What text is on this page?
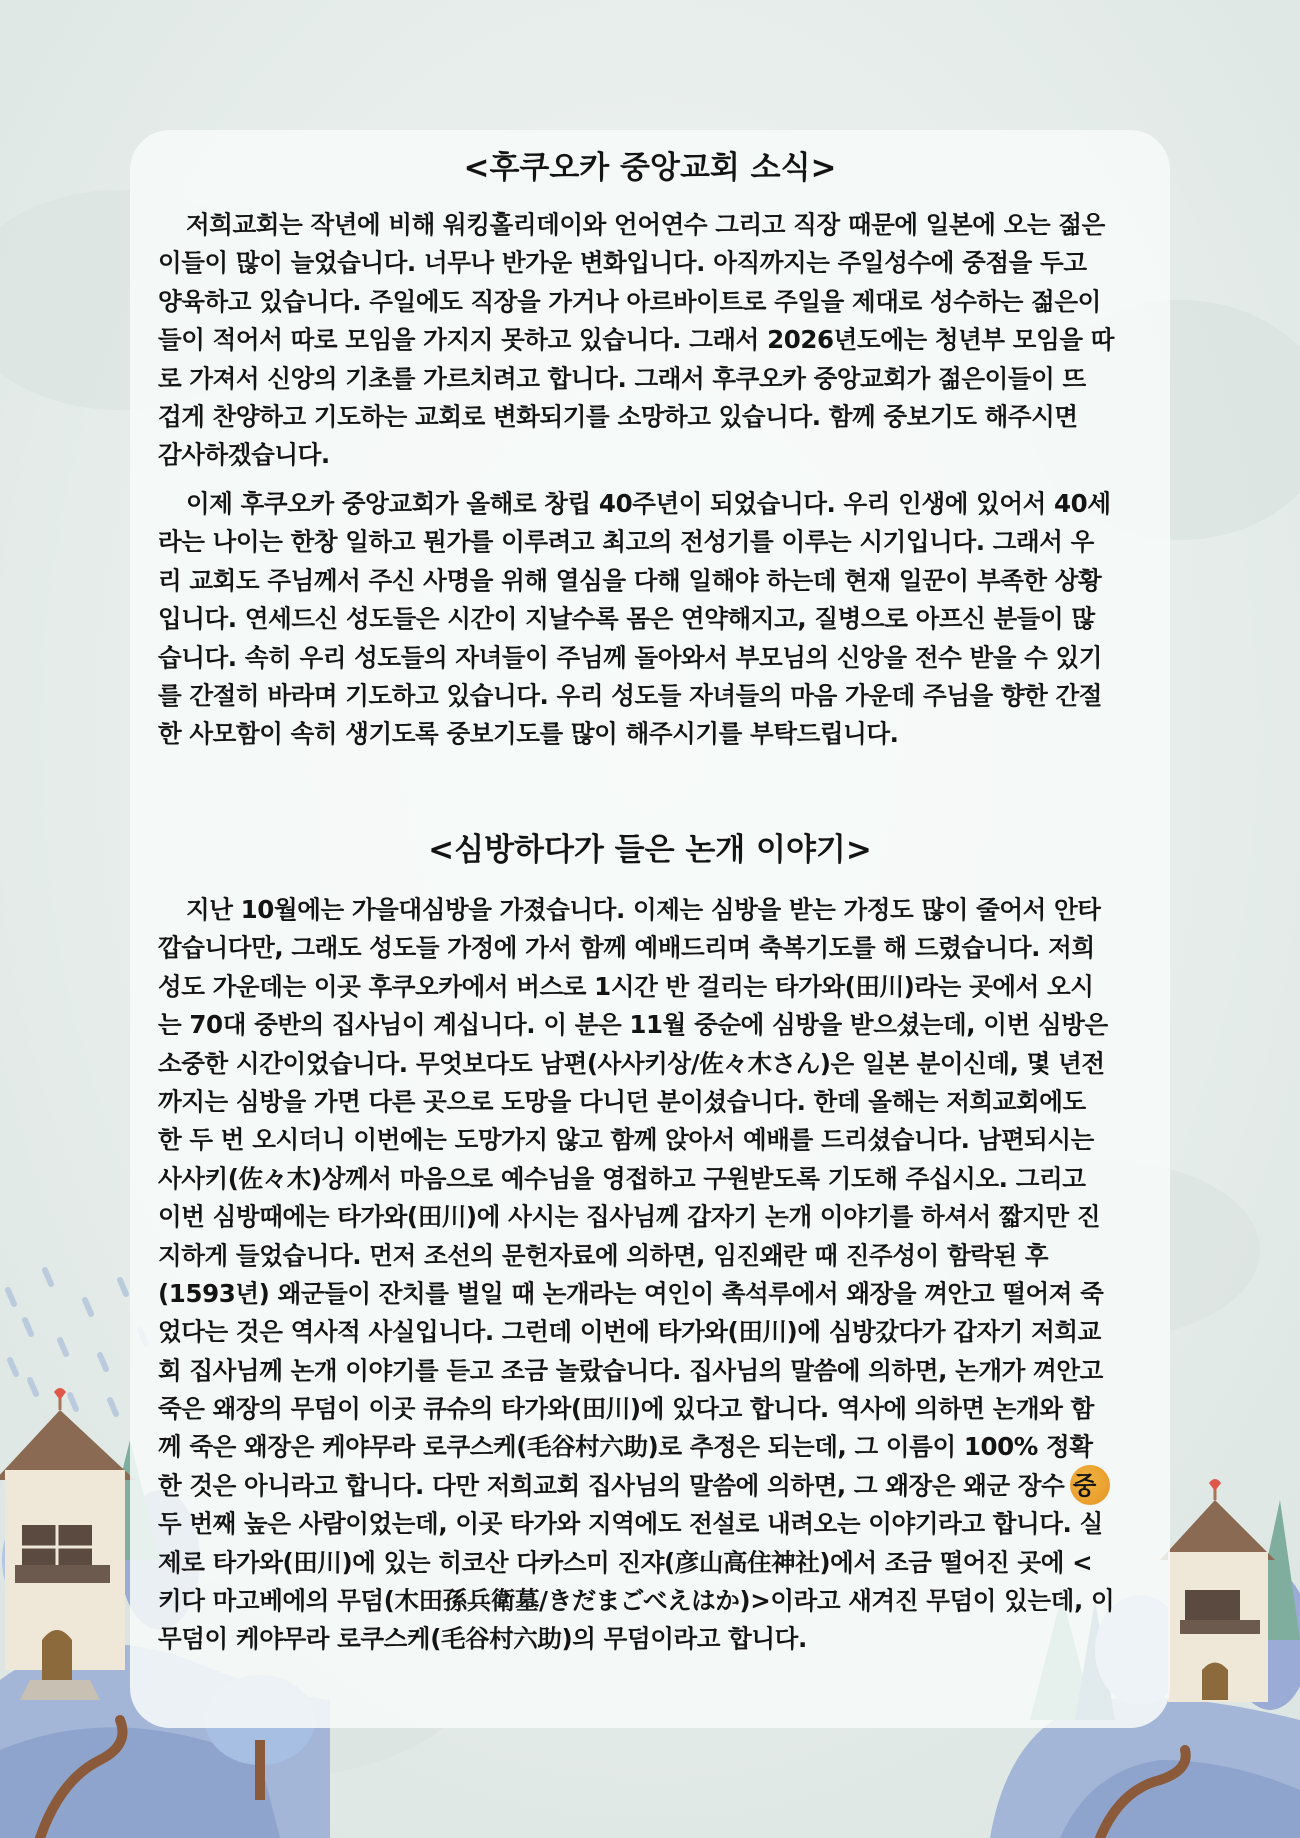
<후쿠오카 중앙교회 소식>
저희교회는 작년에 비해 워킹홀리데이와 언어연수 그리고 직장 때문에 일본에 오는 젊은
이들이 많이 늘었습니다. 너무나 반가운 변화입니다. 아직까지는 주일성수에 중점을 두고
양육하고 있습니다. 주일에도 직장을 가거나 아르바이트로 주일을 제대로 성수하는 젊은이
들이 적어서 따로 모임을 가지지 못하고 있습니다. 그래서 2026년도에는 청년부 모임을 따
로 가져서 신앙의 기초를 가르치려고 합니다. 그래서 후쿠오카 중앙교회가 젊은이들이 뜨
겁게 찬양하고 기도하는 교회로 변화되기를 소망하고 있습니다. 함께 중보기도 해주시면
감사하겠습니다.
이제 후쿠오카 중앙교회가 올해로 창립 40주년이 되었습니다. 우리 인생에 있어서 40세
라는 나이는 한창 일하고 뭔가를 이루려고 최고의 전성기를 이루는 시기입니다. 그래서 우
리 교회도 주님께서 주신 사명을 위해 열심을 다해 일해야 하는데 현재 일꾼이 부족한 상황
입니다. 연세드신 성도들은 시간이 지날수록 몸은 연약해지고, 질병으로 아프신 분들이 많
습니다. 속히 우리 성도들의 자녀들이 주님께 돌아와서 부모님의 신앙을 전수 받을 수 있기
를 간절히 바라며 기도하고 있습니다. 우리 성도들 자녀들의 마음 가운데 주님을 향한 간절
한 사모함이 속히 생기도록 중보기도를 많이 해주시기를 부탁드립니다.
<심방하다가 들은 논개 이야기>
지난 10월에는 가을대심방을 가졌습니다. 이제는 심방을 받는 가정도 많이 줄어서 안타
깝습니다만, 그래도 성도들 가정에 가서 함께 예배드리며 축복기도를 해 드렸습니다. 저희
성도 가운데는 이곳 후쿠오카에서 버스로 1시간 반 걸리는 타가와(田川)라는 곳에서 오시
는 70대 중반의 집사님이 계십니다. 이 분은 11월 중순에 심방을 받으셨는데, 이번 심방은
소중한 시간이었습니다. 무엇보다도 남편(사사키상/佐々木さん)은 일본 분이신데, 몇 년전
까지는 심방을 가면 다른 곳으로 도망을 다니던 분이셨습니다. 한데 올해는 저희교회에도
한 두 번 오시더니 이번에는 도망가지 않고 함께 앉아서 예배를 드리셨습니다. 남편되시는
사사키(佐々木)상께서 마음으로 예수님을 영접하고 구원받도록 기도해 주십시오. 그리고
이번 심방때에는 타가와(田川)에 사시는 집사님께 갑자기 논개 이야기를 하셔서 짧지만 진
지하게 들었습니다. 먼저 조선의 문헌자료에 의하면, 임진왜란 때 진주성이 함락된 후
(1593년) 왜군들이 잔치를 벌일 때 논개라는 여인이 촉석루에서 왜장을 껴안고 떨어져 죽
었다는 것은 역사적 사실입니다. 그런데 이번에 타가와(田川)에 심방갔다가 갑자기 저희교
회 집사님께 논개 이야기를 듣고 조금 놀랐습니다. 집사님의 말씀에 의하면, 논개가 껴안고
죽은 왜장의 무덤이 이곳 큐슈의 타가와(田川)에 있다고 합니다. 역사에 의하면 논개와 함
께 죽은 왜장은 케야무라 로쿠스케(毛谷村六助)로 추정은 되는데, 그 이름이 100% 정확
한 것은 아니라고 합니다. 다만 저희교회 집사님의 말씀에 의하면, 그 왜장은 왜군 장수 중
두 번째 높은 사람이었는데, 이곳 타가와 지역에도 전설로 내려오는 이야기라고 합니다. 실
제로 타가와(田川)에 있는 히코산 다카스미 진쟈(彦山高住神社)에서 조금 떨어진 곳에 <
키다 마고베에의 무덤(木田孫兵衛墓/きだまごべえはか)>이라고 새겨진 무덤이 있는데, 이
무덤이 케야무라 로쿠스케(毛谷村六助)의 무덤이라고 합니다.
